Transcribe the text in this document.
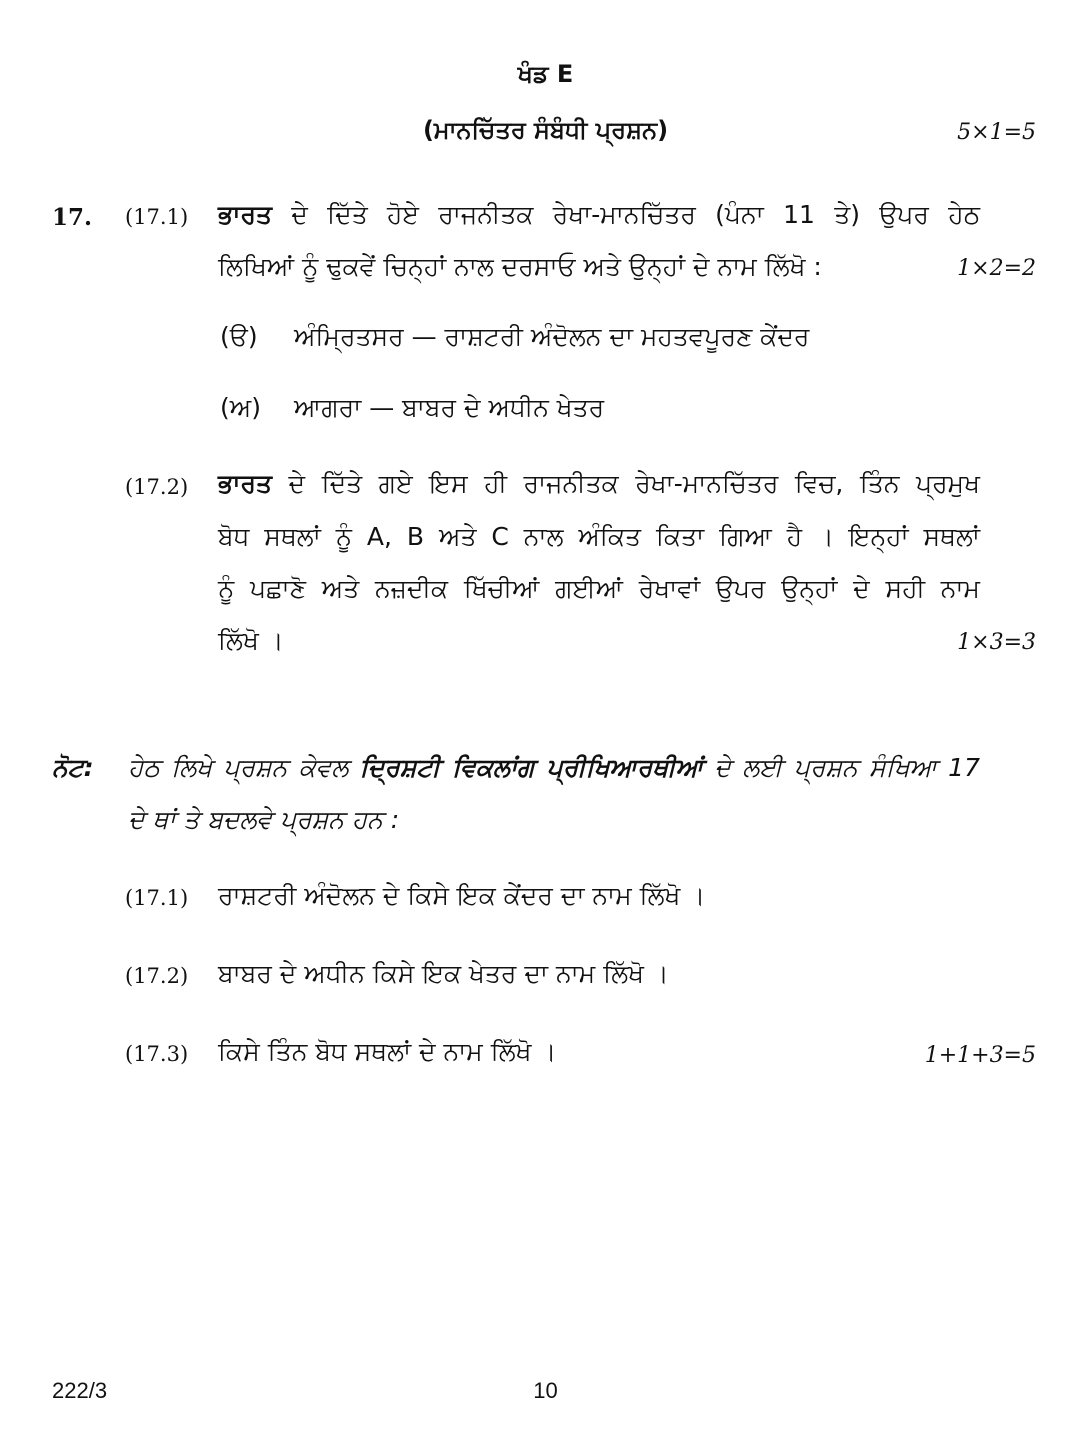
ਖੰਡ E
(ਮਾਨਚਿੱਤਰ ਸੰਬੰਧੀ ਪ੍ਰਸ਼ਨ)	5×1=5
17. (17.1) ਭਾਰਤ ਦੇ ਦਿੱਤੇ ਹੋਏ ਰਾਜਨੀਤਕ ਰੇਖਾ-ਮਾਨਚਿੱਤਰ (ਪੰਨਾ 11 ਤੇ) ਉਪਰ ਹੇਠ
ਲਿਖਿਆਂ ਨੂੰ ਢੁਕਵੇਂ ਚਿਨ੍ਹਾਂ ਨਾਲ ਦਰਸਾਓ ਅਤੇ ਉਨ੍ਹਾਂ ਦੇ ਨਾਮ ਲਿੱਖੋ :	1×2=2
(ੳ) ਅੰਮ੍ਰਿਤਸਰ — ਰਾਸ਼ਟਰੀ ਅੰਦੋਲਨ ਦਾ ਮਹਤਵਪੂਰਣ ਕੇਂਦਰ
(ਅ) ਆਗਰਾ — ਬਾਬਰ ਦੇ ਅਧੀਨ ਖੇਤਰ
(17.2) ਭਾਰਤ ਦੇ ਦਿੱਤੇ ਗਏ ਇਸ ਹੀ ਰਾਜਨੀਤਕ ਰੇਖਾ-ਮਾਨਚਿੱਤਰ ਵਿਚ, ਤਿੰਨ ਪ੍ਰਮੁਖ
ਬੋਧ ਸਥਲਾਂ ਨੂੰ A, B ਅਤੇ C ਨਾਲ ਅੰਕਿਤ ਕਿਤਾ ਗਿਆ ਹੈ । ਇਨ੍ਹਾਂ ਸਥਲਾਂ
ਨੂੰ ਪਛਾਣੋ ਅਤੇ ਨਜ਼ਦੀਕ ਖਿੱਚੀਆਂ ਗਈਆਂ ਰੇਖਾਵਾਂ ਉਪਰ ਉਨ੍ਹਾਂ ਦੇ ਸਹੀ ਨਾਮ
ਲਿੱਖੋ ।	1×3=3
ਨੋਟ: ਹੇਠ ਲਿਖੇ ਪ੍ਰਸ਼ਨ ਕੇਵਲ ਦ੍ਰਿਸ਼ਟੀ ਵਿਕਲਾਂਗ ਪ੍ਰੀਖਿਆਰਥੀਆਂ ਦੇ ਲਈ ਪ੍ਰਸ਼ਨ ਸੰਖਿਆ 17
ਦੇ ਥਾਂ ਤੇ ਬਦਲਵੇ ਪ੍ਰਸ਼ਨ ਹਨ :
(17.1) ਰਾਸ਼ਟਰੀ ਅੰਦੋਲਨ ਦੇ ਕਿਸੇ ਇਕ ਕੇਂਦਰ ਦਾ ਨਾਮ ਲਿੱਖੋ ।
(17.2) ਬਾਬਰ ਦੇ ਅਧੀਨ ਕਿਸੇ ਇਕ ਖੇਤਰ ਦਾ ਨਾਮ ਲਿੱਖੋ ।
(17.3) ਕਿਸੇ ਤਿੰਨ ਬੋਧ ਸਥਲਾਂ ਦੇ ਨਾਮ ਲਿੱਖੋ ।	1+1+3=5
222/3	10
